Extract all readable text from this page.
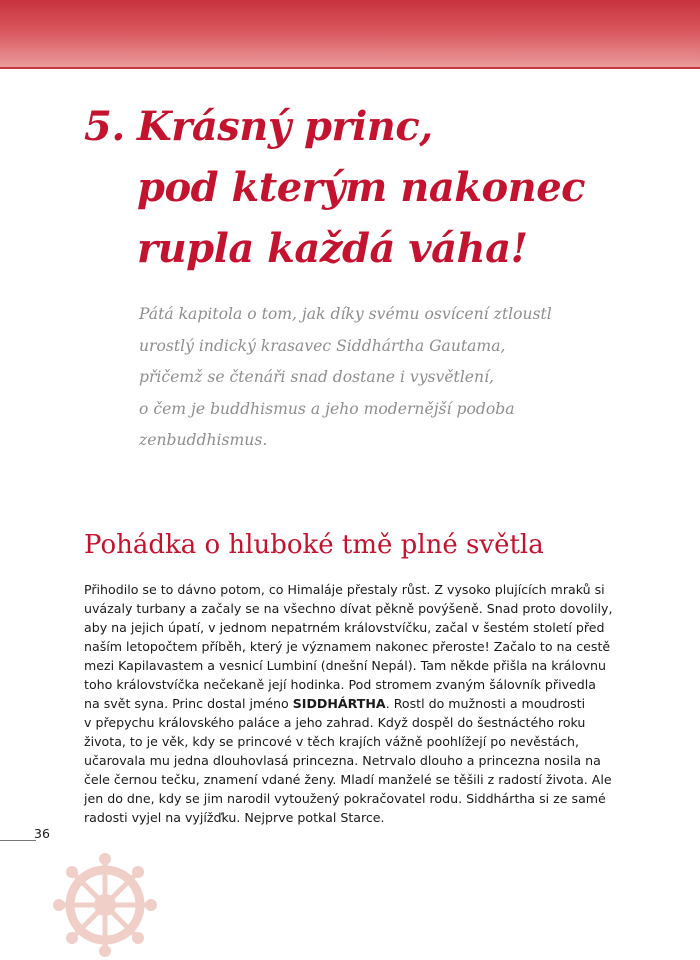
5. Krásný princ,
pod kterým nakonec
rupla každá váha!
Pátá kapitola o tom, jak díky svému osvícení ztloustl
urostlý indický krasavec Siddhártha Gautama,
přičemž se čtenáři snad dostane i vysvětlení,
o čem je buddhismus a jeho modernější podoba
zenbuddhismus.
Pohádka o hluboké tmě plné světla
Přihodilo se to dávno potom, co Himaláje přestaly růst. Z vysoko plujících mraků si
uvázaly turbany a začaly se na všechno dívat pěkně povýšeně. Snad proto dovolily,
aby na jejich úpatí, v jednom nepatrném královstvíčku, začal v šestém století před
naším letopočtem příběh, který je významem nakonec přeroste! Začalo to na cestě
mezi Kapilavastem a vesnicí Lumbiní (dnešní Nepál). Tam někde přišla na královnu
toho královstvíčka nečekaně její hodinka. Pod stromem zvaným šálovník přivedla
na svět syna. Princ dostal jméno SIDDHÁRTHA. Rostl do mužnosti a moudrosti
v přepychu královského paláce a jeho zahrad. Když dospěl do šestnáctého roku
života, to je věk, kdy se princové v těch krajích vážně poohlížejí po nevěstách,
učarovala mu jedna dlouhovlasá princezna. Netrvalo dlouho a princezna nosila na
čele černou tečku, znamení vdané ženy. Mladí manželé se těšili z radostí života. Ale
jen do dne, kdy se jim narodil vytoužený pokračovatel rodu. Siddhártha si ze samé
radosti vyjel na vyjížďku. Nejprve potkal Starce.
36
